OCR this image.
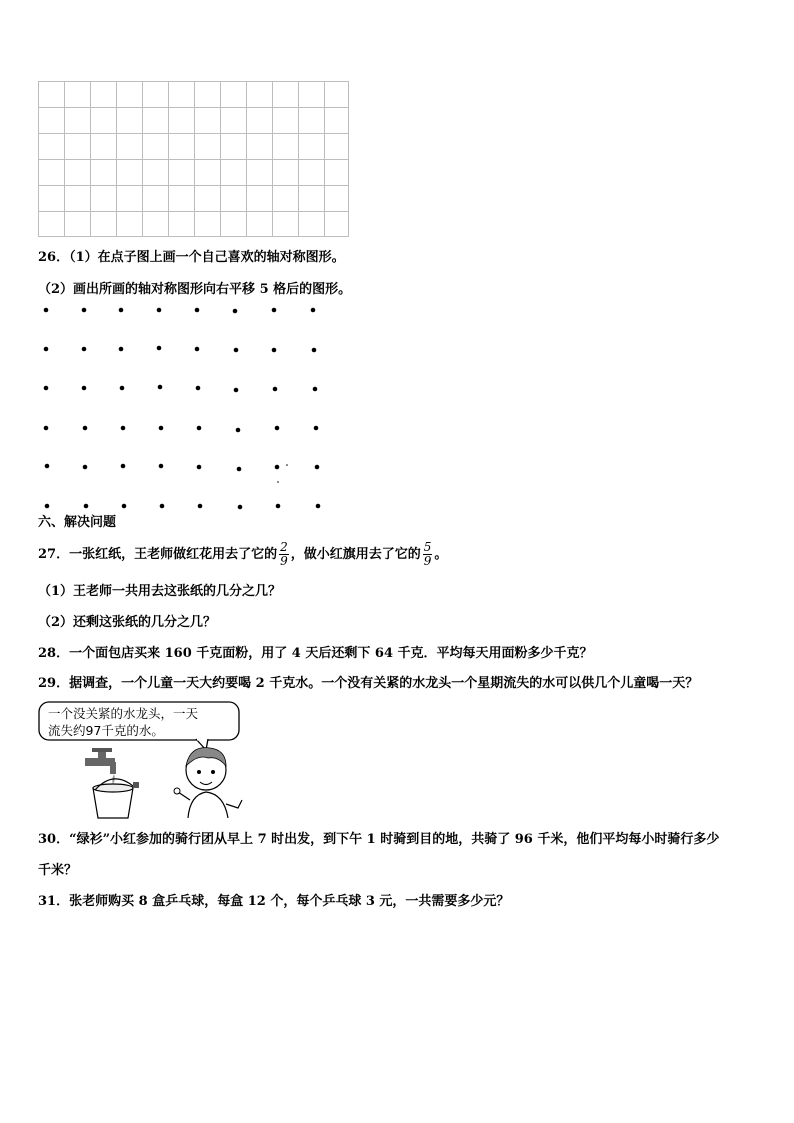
26．（1）在点子图上画一个自己喜欢的轴对称图形。
（2）画出所画的轴对称图形向右平移 5 格后的图形。
六、解决问题
27．一张红纸，王老师做红花用去了它的 $\frac{2}{9}$ ，做小红旗用去了它的 $\frac{5}{9}$ 。
（1）王老师一共用去这张纸的几分之几？
（2）还剩这张纸的几分之几？
28．一个面包店买来 160 千克面粉，用了 4 天后还剩下 64 千克．平均每天用面粉多少千克？
29．据调查，一个儿童一天大约要喝 2 千克水。一个没有关紧的水龙头一个星期流失的水可以供几个儿童喝一天？
一个没关紧的水龙头，一天
流失约97千克的水。
30．“绿衫”小红参加的骑行团从早上 7 时出发，到下午 1 时骑到目的地，共骑了 96 千米，他们平均每小时骑行多少
千米？
31．张老师购买 8 盒乒乓球，每盒 12 个，每个乒乓球 3 元，一共需要多少元？
